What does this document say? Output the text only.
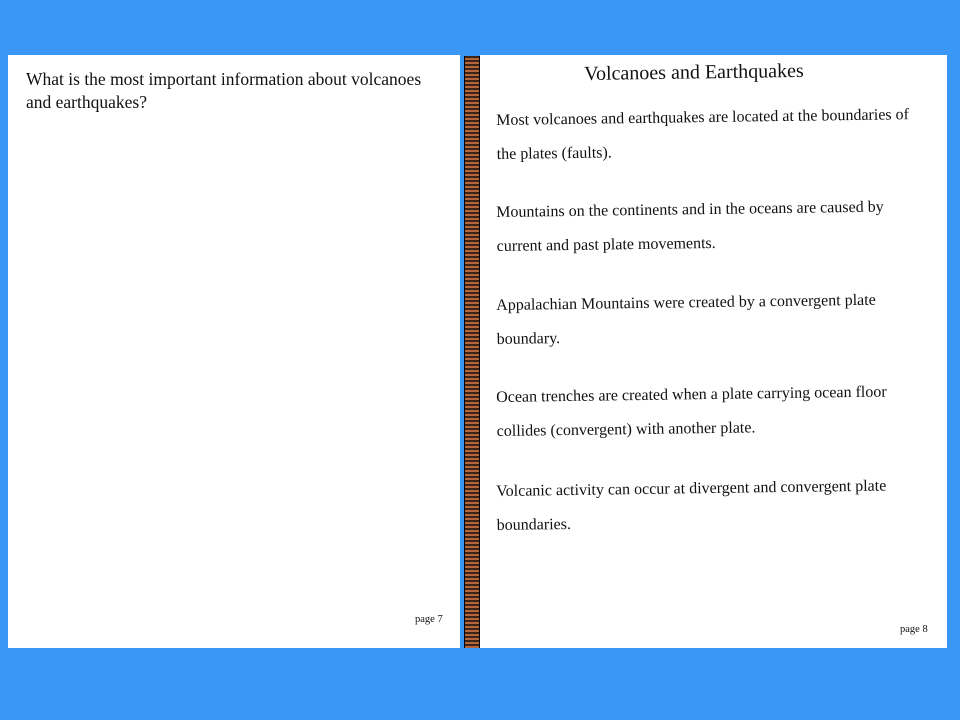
What is the most important information about volcanoes and earthquakes?

page 7
Volcanoes and Earthquakes

Most volcanoes and earthquakes are located at the boundaries of the plates (faults).

Mountains on the continents and in the oceans are caused by current and past plate movements.

Appalachian Mountains were created by a convergent plate boundary.

Ocean trenches are created when a plate carrying ocean floor collides (convergent) with another plate.

Volcanic activity can occur at divergent and convergent plate boundaries.

page 8
